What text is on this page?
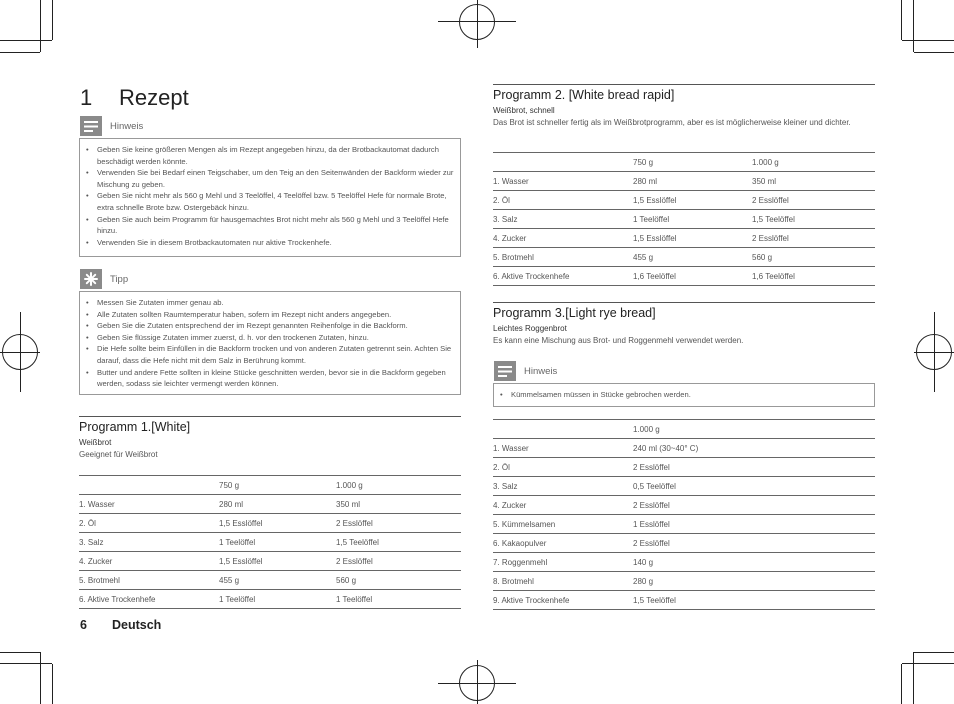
1 Rezept
Hinweis
• Geben Sie keine größeren Mengen als im Rezept angegeben hinzu, da der Brotbackautomat dadurch beschädigt werden könnte.
• Verwenden Sie bei Bedarf einen Teigschaber, um den Teig an den Seitenwänden der Backform wieder zur Mischung zu geben.
• Geben Sie nicht mehr als 560 g Mehl und 3 Teelöffel, 4 Teelöffel bzw. 5 Teelöffel Hefe für normale Brote, extra schnelle Brote bzw. Ostergebäck hinzu.
• Geben Sie auch beim Programm für hausgemachtes Brot nicht mehr als 560 g Mehl und 3 Teelöffel Hefe hinzu.
• Verwenden Sie in diesem Brotbackautomaten nur aktive Trockenhefe.
Tipp
• Messen Sie Zutaten immer genau ab.
• Alle Zutaten sollten Raumtemperatur haben, sofern im Rezept nicht anders angegeben.
• Geben Sie die Zutaten entsprechend der im Rezept genannten Reihenfolge in die Backform.
• Geben Sie flüssige Zutaten immer zuerst, d. h. vor den trockenen Zutaten, hinzu.
• Die Hefe sollte beim Einfüllen in die Backform trocken und von anderen Zutaten getrennt sein. Achten Sie darauf, dass die Hefe nicht mit dem Salz in Berührung kommt.
• Butter und andere Fette sollten in kleine Stücke geschnitten werden, bevor sie in die Backform gegeben werden, sodass sie leichter vermengt werden können.
Programm 1.[White]
Weißbrot
Geeignet für Weißbrot
	750 g	1.000 g
1. Wasser	280 ml	350 ml
2. Öl	1,5 Esslöffel	2 Esslöffel
3. Salz	1 Teelöffel	1,5 Teelöffel
4. Zucker	1,5 Esslöffel	2 Esslöffel
5. Brotmehl	455 g	560 g
6. Aktive Trockenhefe	1 Teelöffel	1 Teelöffel
6 Deutsch
Programm 2. [White bread rapid]
Weißbrot, schnell
Das Brot ist schneller fertig als im Weißbrotprogramm, aber es ist möglicherweise kleiner und dichter.
	750 g	1.000 g
1. Wasser	280 ml	350 ml
2. Öl	1,5 Esslöffel	2 Esslöffel
3. Salz	1 Teelöffel	1,5 Teelöffel
4. Zucker	1,5 Esslöffel	2 Esslöffel
5. Brotmehl	455 g	560 g
6. Aktive Trockenhefe	1,6 Teelöffel	1,6 Teelöffel
Programm 3.[Light rye bread]
Leichtes Roggenbrot
Es kann eine Mischung aus Brot- und Roggenmehl verwendet werden.
Hinweis
• Kümmelsamen müssen in Stücke gebrochen werden.
	1.000 g
1. Wasser	240 ml (30~40° C)
2. Öl	2 Esslöffel
3. Salz	0,5 Teelöffel
4. Zucker	2 Esslöffel
5. Kümmelsamen	1 Esslöffel
6. Kakaopulver	2 Esslöffel
7. Roggenmehl	140 g
8. Brotmehl	280 g
9. Aktive Trockenhefe	1,5 Teelöffel
